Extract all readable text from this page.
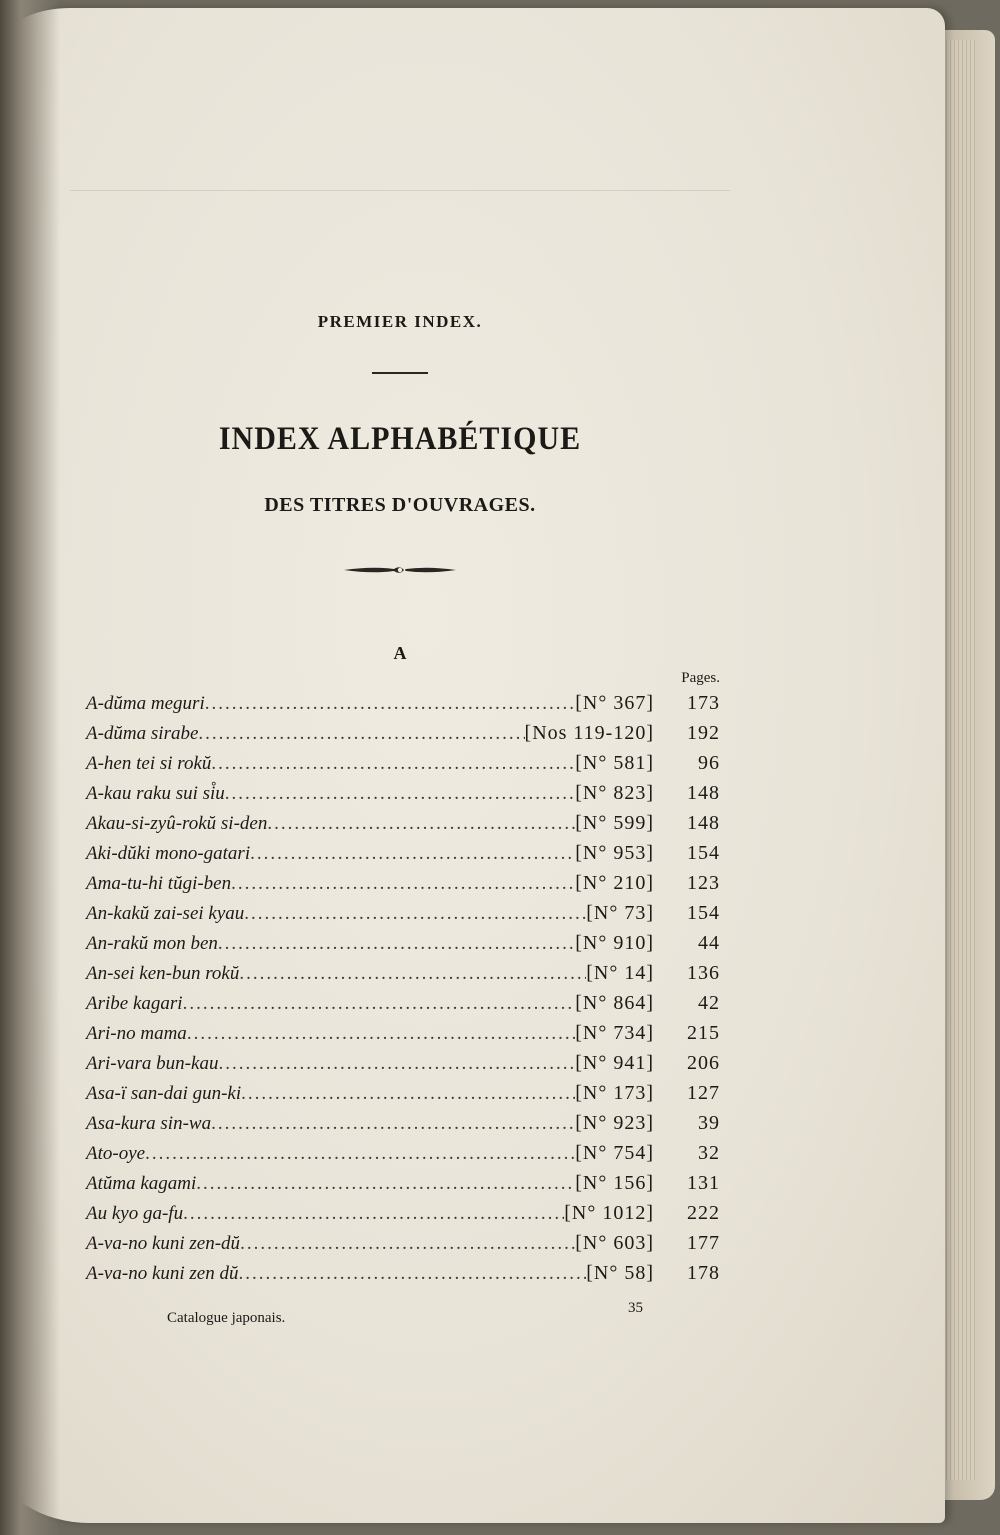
PREMIER INDEX.
INDEX ALPHABÉTIQUE
DES TITRES D'OUVRAGES.
A
Pages.
A-dŭma meguri .....	[N° 367]	173
A-dŭma sirabe .....	[Nos 119-120]	192
A-hen tei si rokŭ .....	[N° 581]	96
A-kau raku sui si̊u .....	[N° 823]	148
Akau-si-zyû-rokŭ si-den .....	[N° 599]	148
Aki-dŭki mono-gatari .....	[N° 953]	154
Ama-tu-hi tŭgi-ben .....	[N° 210]	123
An-kakŭ zai-sei kyau .....	[N° 73]	154
An-rakŭ mon ben .....	[N° 910]	44
An-sei ken-bun rokŭ .....	[N° 14]	136
Aribe kagari .....	[N° 864]	42
Ari-no mama .....	[N° 734]	215
Ari-vara bun-kau .....	[N° 941]	206
Asa-ï san-dai gun-ki .....	[N° 173]	127
Asa-kura sin-wa .....	[N° 923]	39
Ato-oye .....	[N° 754]	32
Atŭma kagami .....	[N° 156]	131
Au kyo ga-fu .....	[N° 1012]	222
A-va-no kuni zen-dŭ .....	[N° 603]	177
A-va-no kuni zen dŭ .....	[N° 58]	178
Catalogue japonais.
35
